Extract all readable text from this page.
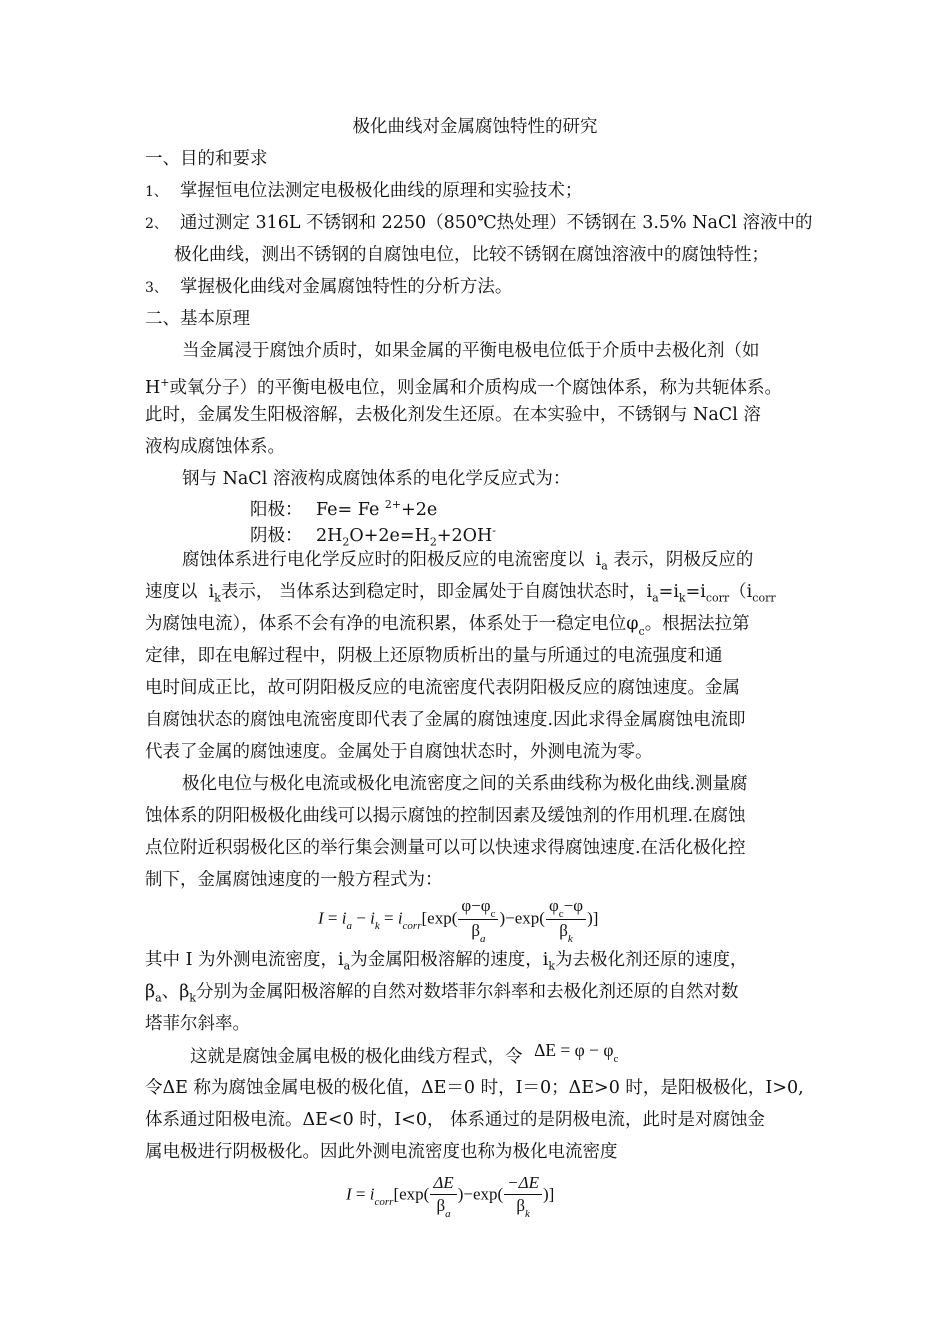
极化曲线对金属腐蚀特性的研究
一、目的和要求
1、 掌握恒电位法测定电极极化曲线的原理和实验技术；
2、 通过测定 316L 不锈钢和 2250（850℃热处理）不锈钢在 3.5% NaCl 溶液中的
极化曲线，测出不锈钢的自腐蚀电位，比较不锈钢在腐蚀溶液中的腐蚀特性；
3、 掌握极化曲线对金属腐蚀特性的分析方法。
二、基本原理
当金属浸于腐蚀介质时，如果金属的平衡电极电位低于介质中去极化剂（如
H+或氧分子）的平衡电极电位，则金属和介质构成一个腐蚀体系，称为共轭体系。
此时，金属发生阳极溶解，去极化剂发生还原。在本实验中，不锈钢与 NaCl 溶
液构成腐蚀体系。
钢与 NaCl 溶液构成腐蚀体系的电化学反应式为：
阳极： Fe= Fe $^{2+}$+2e
阴极： $2H_2O+2e=H_2+2OH^-$
腐蚀体系进行电化学反应时的阳极反应的电流密度以 $i_a$ 表示，阴极反应的
速度以 $i_k$表示， 当体系达到稳定时，即金属处于自腐蚀状态时，$i_a=i_k=i_{corr}(i_{corr}$
为腐蚀电流），体系不会有净的电流积累，体系处于一稳定电位$\varphi_c$。根据法拉第
定律，即在电解过程中，阴极上还原物质析出的量与所通过的电流强度和通
电时间成正比，故可阴阳极反应的电流密度代表阴阳极反应的腐蚀速度。金属
自腐蚀状态的腐蚀电流密度即代表了金属的腐蚀速度.因此求得金属腐蚀电流即
代表了金属的腐蚀速度。金属处于自腐蚀状态时，外测电流为零。
极化电位与极化电流或极化电流密度之间的关系曲线称为极化曲线.测量腐
蚀体系的阴阳极极化曲线可以揭示腐蚀的控制因素及缓蚀剂的作用机理.在腐蚀
点位附近积弱极化区的举行集会测量可以可以快速求得腐蚀速度.在活化极化控
制下，金属腐蚀速度的一般方程式为：
$I = i_a - i_k = i_{corr}[\exp( \frac{\varphi-\varphi_c}{\beta_a} )-\exp( \frac{\varphi_c-\varphi}{\beta_k}$ )]
其中 I 为外测电流密度，$i_a$为金属阳极溶解的速度，$i_k$为去极化剂还原的速度，
$\beta_a$、$\beta_k$分别为金属阳极溶解的自然对数塔菲尔斜率和去极化剂还原的自然对数
塔菲尔斜率。
这就是腐蚀金属电极的极化曲线方程式，令 $\Delta E = \varphi - \varphi_c$
令ΔE 称为腐蚀金属电极的极化值，ΔE＝0 时，I＝0；ΔE>0 时，是阳极极化，I>0,
体系通过阳极电流。ΔE<0 时，I<0， 体系通过的是阴极电流，此时是对腐蚀金
属电极进行阴极极化。因此外测电流密度也称为极化电流密度
$I = i_{corr}[\exp( \frac{\Delta E}{\beta_a} )-\exp( \frac{-\Delta E}{\beta_k}$ )]
